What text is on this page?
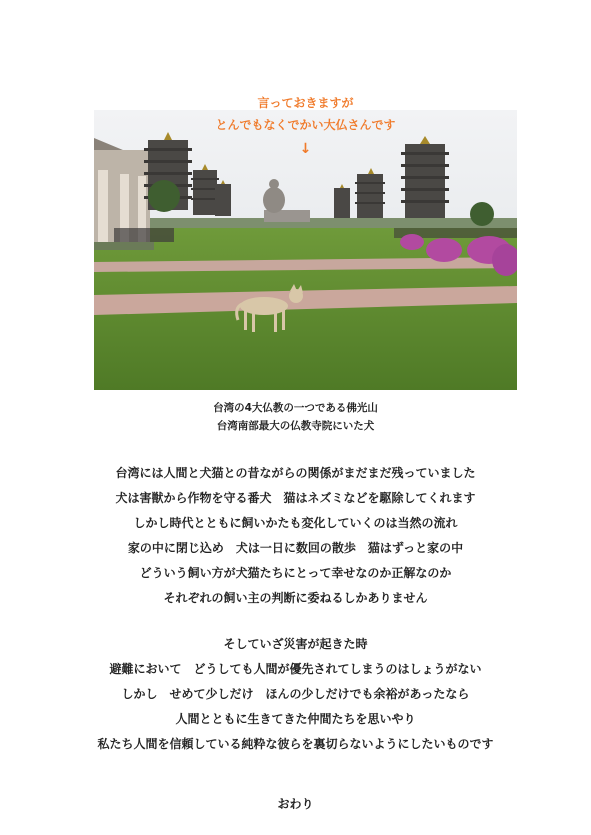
言っておきますが
とんでもなくでかい大仏さんです
↓
台湾の4大仏教の一つである佛光山
台湾南部最大の仏教寺院にいた犬
台湾には人間と犬猫との昔ながらの関係がまだまだ残っていました
犬は害獣から作物を守る番犬　猫はネズミなどを駆除してくれます
しかし時代とともに飼いかたも変化していくのは当然の流れ
家の中に閉じ込め　犬は一日に数回の散歩　猫はずっと家の中
どういう飼い方が犬猫たちにとって幸せなのか正解なのか
それぞれの飼い主の判断に委ねるしかありません
そしていざ災害が起きた時
避難において　どうしても人間が優先されてしまうのはしょうがない
しかし　せめて少しだけ　ほんの少しだけでも余裕があったなら
人間とともに生きてきた仲間たちを思いやり
私たち人間を信頼している純粋な彼らを裏切らないようにしたいものです
おわり
